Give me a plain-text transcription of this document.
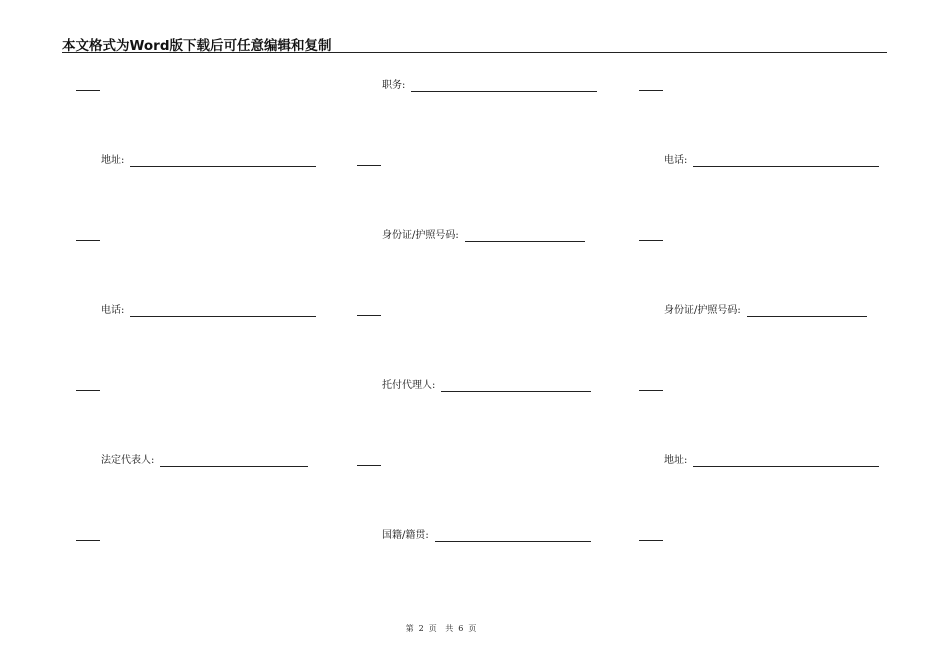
本文格式为Word版下载后可任意编辑和复制
职务:
地址:	电话:
身份证/护照号码:
电话:	身份证/护照号码:
托付代理人:
法定代表人:	地址:
国籍/籍贯:
第 2 页 共 6 页
